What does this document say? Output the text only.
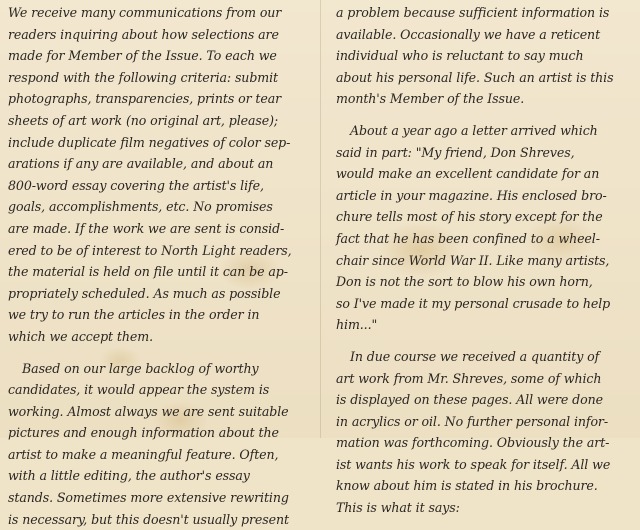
We receive many communications from our
readers inquiring about how selections are
made for Member of the Issue. To each we
respond with the following criteria: submit
photographs, transparencies, prints or tear
sheets of art work (no original art, please);
include duplicate film negatives of color sep-
arations if any are available, and about an
800-word essay covering the artist's life,
goals, accomplishments, etc. No promises
are made. If the work we are sent is consid-
ered to be of interest to North Light readers,
the material is held on file until it can be ap-
propriately scheduled. As much as possible
we try to run the articles in the order in
which we accept them.
Based on our large backlog of worthy
candidates, it would appear the system is
working. Almost always we are sent suitable
pictures and enough information about the
artist to make a meaningful feature. Often,
with a little editing, the author's essay
stands. Sometimes more extensive rewriting
is necessary, but this doesn't usually present
a problem because sufficient information is
available. Occasionally we have a reticent
individual who is reluctant to say much
about his personal life. Such an artist is this
month's Member of the Issue.
About a year ago a letter arrived which
said in part: "My friend, Don Shreves,
would make an excellent candidate for an
article in your magazine. His enclosed bro-
chure tells most of his story except for the
fact that he has been confined to a wheel-
chair since World War II. Like many artists,
Don is not the sort to blow his own horn,
so I've made it my personal crusade to help
him..."
In due course we received a quantity of
art work from Mr. Shreves, some of which
is displayed on these pages. All were done
in acrylics or oil. No further personal infor-
mation was forthcoming. Obviously the art-
ist wants his work to speak for itself. All we
know about him is stated in his brochure.
This is what it says:
